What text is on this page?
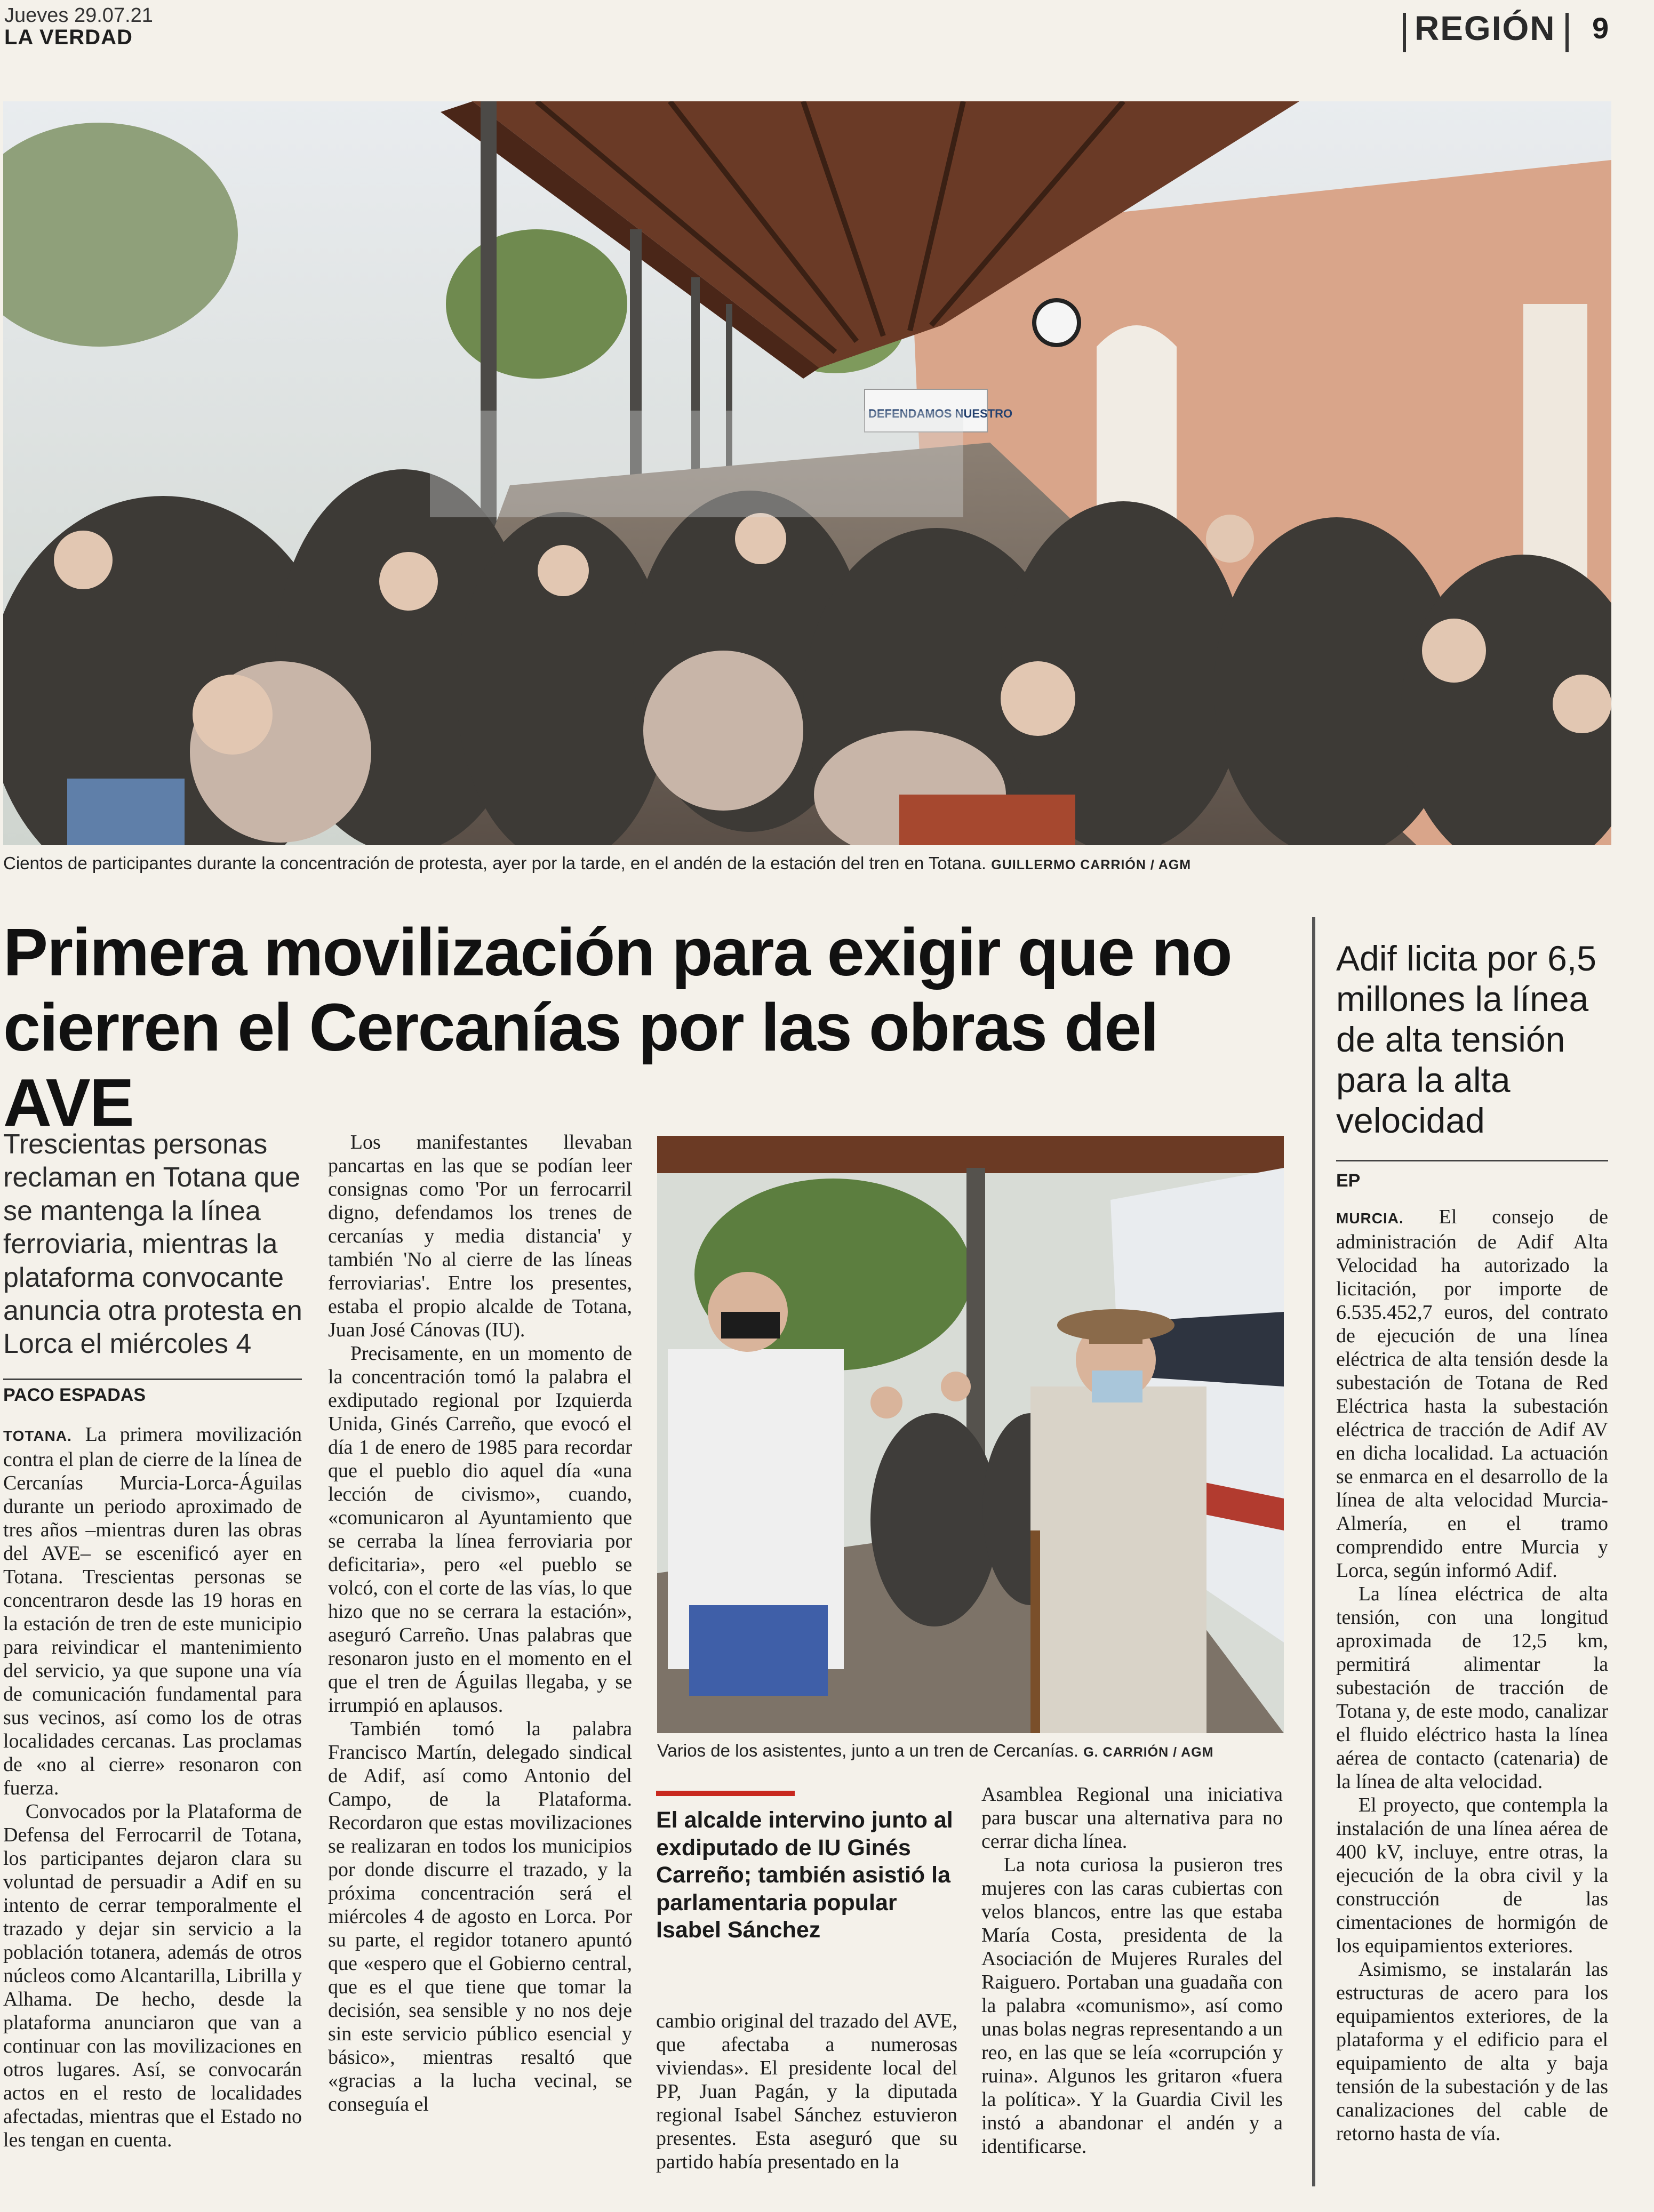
Jueves 29.07.21
LA VERDAD	REGIÓN 9
DEFENDAMOS NUESTRO
Cientos de participantes durante la concentración de protesta, ayer por la tarde, en el andén de la estación del tren en Totana. GUILLERMO CARRIÓN / AGM
Primera movilización para exigir que no cierren el Cercanías por las obras del AVE
Adif licita por 6,5 millones la línea de alta tensión para la alta velocidad
EP

MURCIA. El consejo de administración de Adif Alta Velocidad ha autorizado la licitación, por importe de 6.535.452,7 euros, del contrato de ejecución de una línea eléctrica de alta tensión desde la subestación de Totana de Red Eléctrica hasta la subestación eléctrica de tracción de Adif AV en dicha localidad. La actuación se enmarca en el desarrollo de la línea de alta velocidad Murcia-Almería, en el tramo comprendido entre Murcia y Lorca, según informó Adif.

La línea eléctrica de alta tensión, con una longitud aproximada de 12,5 km, permitirá alimentar la subestación de tracción de Totana y, de este modo, canalizar el fluido eléctrico hasta la línea aérea de contacto (catenaria) de la línea de alta velocidad.

El proyecto, que contempla la instalación de una línea aérea de 400 kV, incluye, entre otras, la ejecución de la obra civil y la construcción de las cimentaciones de hormigón de los equipamientos exteriores.

Asimismo, se instalarán las estructuras de acero para los equipamientos exteriores, de la plataforma y el edificio para el equipamiento de alta y baja tensión de la subestación y de las canalizaciones del cable de retorno hasta de vía.

Trescientas personas reclaman en Totana que se mantenga la línea ferroviaria, mientras la plataforma convocante anuncia otra protesta en Lorca el miércoles 4
PACO ESPADAS

TOTANA. La primera movilización contra el plan de cierre de la línea de Cercanías Murcia-Lorca-Águilas durante un periodo aproximado de tres años –mientras duren las obras del AVE– se escenificó ayer en Totana. Trescientas personas se concentraron desde las 19 horas en la estación de tren de este municipio para reivindicar el mantenimiento del servicio, ya que supone una vía de comunicación fundamental para sus vecinos, así como los de otras localidades cercanas. Las proclamas de «no al cierre» resonaron con fuerza.

Convocados por la Plataforma de Defensa del Ferrocarril de Totana, los participantes dejaron clara su voluntad de persuadir a Adif en su intento de cerrar temporalmente el trazado y dejar sin servicio a la población totanera, además de otros núcleos como Alcantarilla, Librilla y Alhama. De hecho, desde la plataforma anunciaron que van a continuar con las movilizaciones en otros lugares. Así, se convocarán actos en el resto de localidades afectadas, mientras que el Estado no les tengan en cuenta.

Los manifestantes llevaban pancartas en las que se podían leer consignas como 'Por un ferrocarril digno, defendamos los trenes de cercanías y media distancia' y también 'No al cierre de las líneas ferroviarias'. Entre los presentes, estaba el propio alcalde de Totana, Juan José Cánovas (IU).

Precisamente, en un momento de la concentración tomó la palabra el exdiputado regional por Izquierda Unida, Ginés Carreño, que evocó el día 1 de enero de 1985 para recordar que el pueblo dio aquel día «una lección de civismo», cuando, «comunicaron al Ayuntamiento que se cerraba la línea ferroviaria por deficitaria», pero «el pueblo se volcó, con el corte de las vías, lo que hizo que no se cerrara la estación», aseguró Carreño. Unas palabras que resonaron justo en el momento en el que el tren de Águilas llegaba, y se irrumpió en aplausos.

También tomó la palabra Francisco Martín, delegado sindical de Adif, así como Antonio del Campo, de la Plataforma. Recordaron que estas movilizaciones se realizaran en todos los municipios por donde discurre el trazado, y la próxima concentración será el miércoles 4 de agosto en Lorca. Por su parte, el regidor totanero apuntó que «espero que el Gobierno central, que es el que tiene que tomar la decisión, sea sensible y no nos deje sin este servicio público esencial y básico», mientras resaltó que «gracias a la lucha vecinal, se conseguía el

Varios de los asistentes, junto a un tren de Cercanías. G. CARRIÓN / AGM
El alcalde intervino junto al exdiputado de IU Ginés Carreño; también asistió la parlamentaria popular Isabel Sánchez

cambio original del trazado del AVE, que afectaba a numerosas viviendas». El presidente local del PP, Juan Pagán, y la diputada regional Isabel Sánchez estuvieron presentes. Esta aseguró que su partido había presentado en la

Asamblea Regional una iniciativa para buscar una alternativa para no cerrar dicha línea.

La nota curiosa la pusieron tres mujeres con las caras cubiertas con velos blancos, entre las que estaba María Costa, presidenta de la Asociación de Mujeres Rurales del Raiguero. Portaban una guadaña con la palabra «comunismo», así como unas bolas negras representando a un reo, en las que se leía «corrupción y ruina». Algunos les gritaron «fuera la política». Y la Guardia Civil les instó a abandonar el andén y a identificarse.
